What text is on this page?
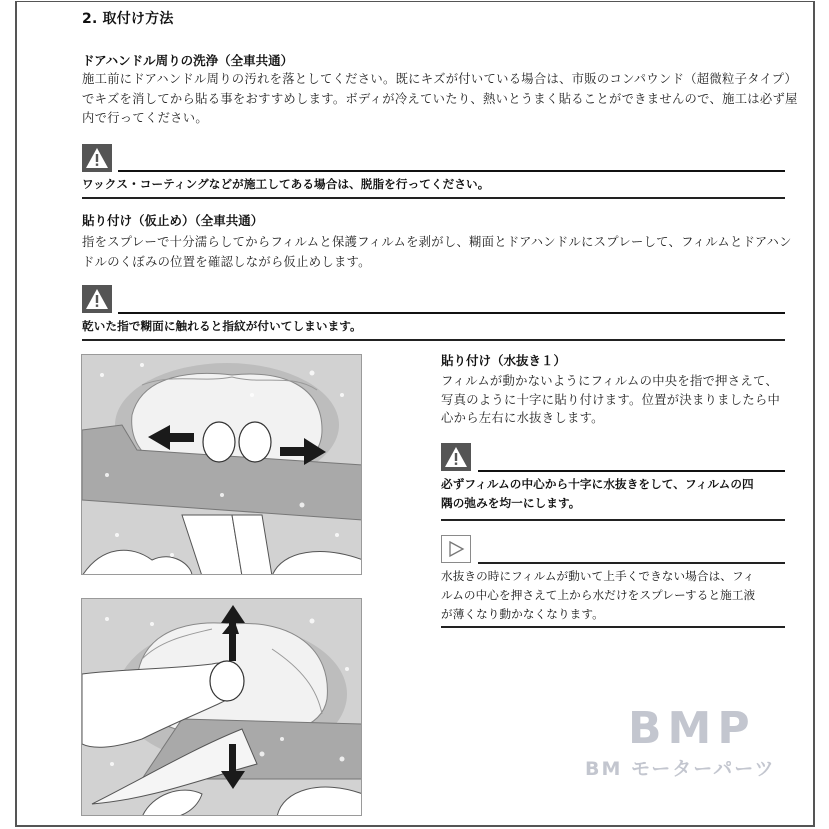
2. 取付け方法
ドアハンドル周りの洗浄（全車共通）
施工前にドアハンドル周りの汚れを落としてください。既にキズが付いている場合は、市販のコンパウンド（超微粒子タイプ）
でキズを消してから貼る事をおすすめします。ボディが冷えていたり、熱いとうまく貼ることができませんので、施工は必ず屋
内で行ってください。
ワックス・コーティングなどが施工してある場合は、脱脂を行ってください。
貼り付け（仮止め）（全車共通）
指をスプレーで十分濡らしてからフィルムと保護フィルムを剥がし、糊面とドアハンドルにスプレーして、フィルムとドアハン
ドルのくぼみの位置を確認しながら仮止めします。
乾いた指で糊面に触れると指紋が付いてしまいます。
貼り付け（水抜き１）
フィルムが動かないようにフィルムの中央を指で押さえて、
写真のように十字に貼り付けます。位置が決まりましたら中
心から左右に水抜きします。
必ずフィルムの中心から十字に水抜きをして、フィルムの四
隅の弛みを均一にします。
水抜きの時にフィルムが動いて上手くできない場合は、フィ
ルムの中心を押さえて上から水だけをスプレーすると施工液
が薄くなり動かなくなります。
BMP
BM モーターパーツ
